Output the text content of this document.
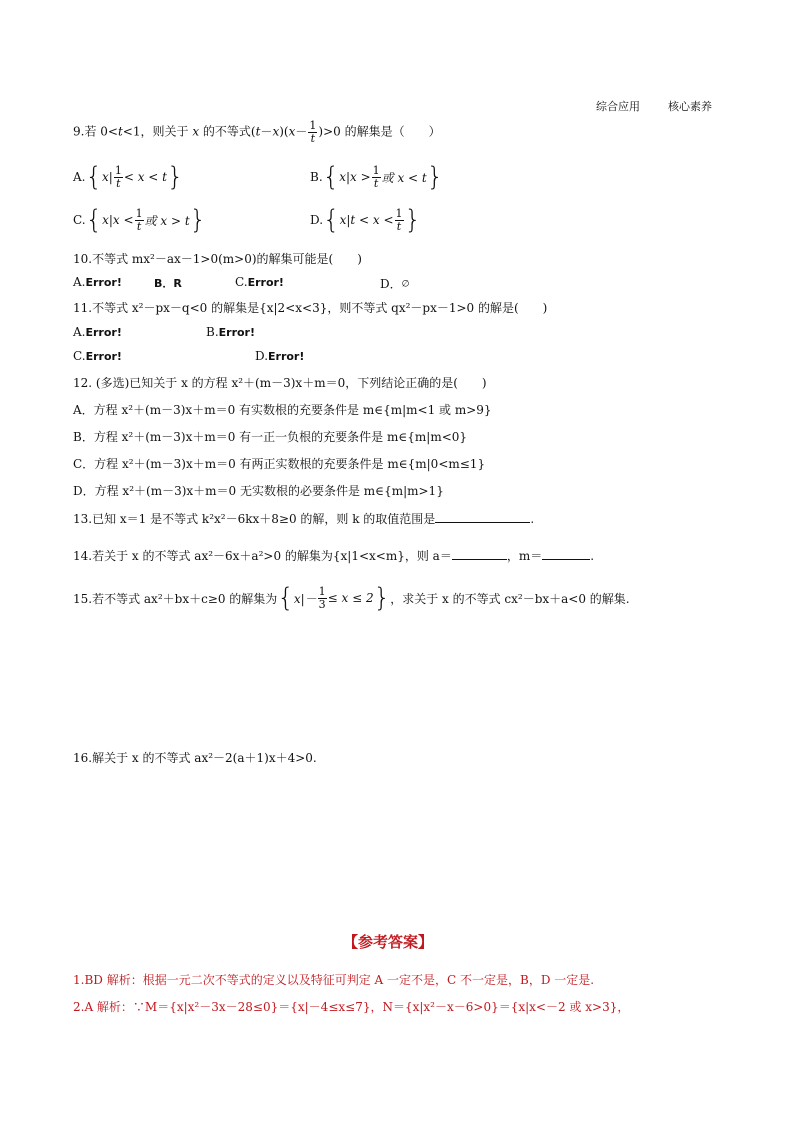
综合应用	核心素养
9.若 0<t<1，则关于 x 的不等式$(t-x)(x- \frac{1}{t} )>0$ 的解集是（　　）
A. { $x| \frac{1}{t} < x < t$ }	B. { $x|x > \frac{1}{t}$ 或 x < t }
C. { $x|x < \frac{1}{t}$ 或 x > t }	D. { $x|t < x < \frac{1}{t}$ }
10.不等式 mx²－ax－1>0(m>0)的解集可能是(　　)
A.Error!	B．R	C.Error!	D．∅
11.不等式 x²－px－q<0 的解集是{x|2<x<3}，则不等式 qx²－px－1>0 的解是(　　)
A.Error!	B.Error!
C.Error!	D.Error!
12. (多选)已知关于 x 的方程 x²＋(m－3)x＋m＝0，下列结论正确的是(　　)
A．方程 x²＋(m－3)x＋m＝0 有实数根的充要条件是 m∈{m|m<1 或 m>9}
B．方程 x²＋(m－3)x＋m＝0 有一正一负根的充要条件是 m∈{m|m<0}
C．方程 x²＋(m－3)x＋m＝0 有两正实数根的充要条件是 m∈{m|0<m≤1}
D．方程 x²＋(m－3)x＋m＝0 无实数根的必要条件是 m∈{m|m>1}
13.已知 x＝1 是不等式 k²x²－6kx＋8≥0 的解，则 k 的取值范围是	.
14.若关于 x 的不等式 ax²－6x＋a²>0 的解集为{x|1<x<m}，则 a＝	，m＝	.
15.若不等式 ax²＋bx＋c≥0 的解集为 { $x|- \frac{1}{3} \le x \le 2$ } ，求关于 x 的不等式 cx²－bx＋a<0 的解集.
16.解关于 x 的不等式 ax²－2(a＋1)x＋4>0.
【参考答案】
1.BD 解析：根据一元二次不等式的定义以及特征可判定 A 一定不是，C 不一定是，B，D 一定是.
2.A 解析：∵M＝{x|x²－3x－28≤0}＝{x|－4≤x≤7}，N＝{x|x²－x－6>0}＝{x|x<－2 或 x>3}，
